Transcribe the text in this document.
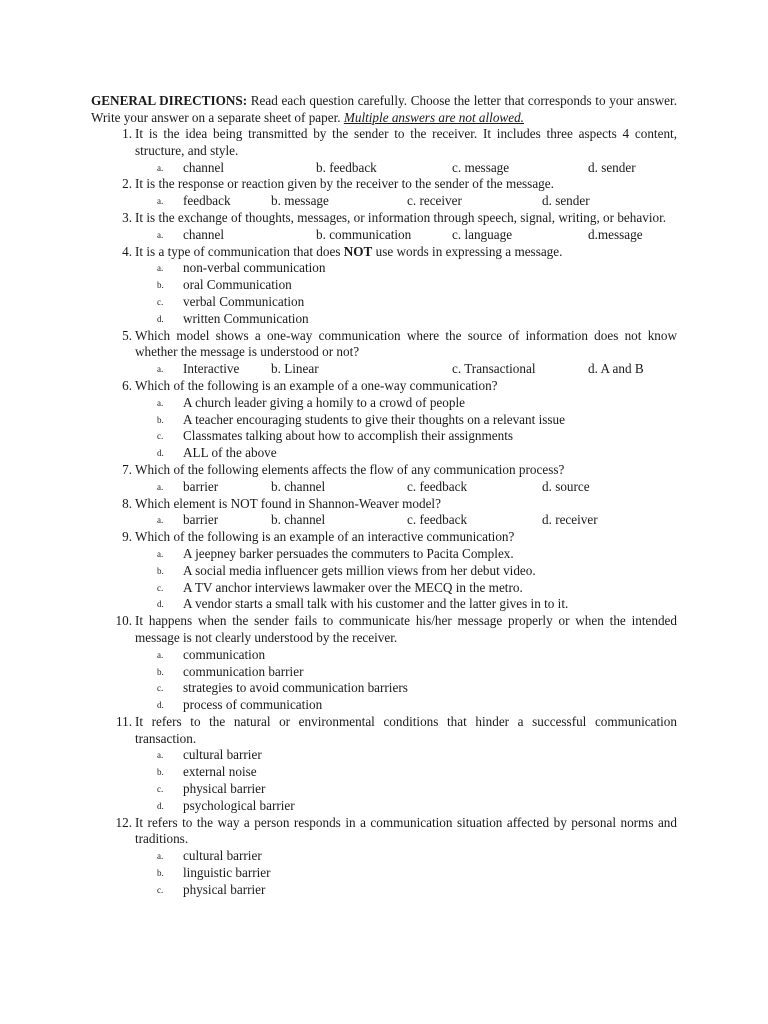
GENERAL DIRECTIONS: Read each question carefully. Choose the letter that corresponds to your answer. Write your answer on a separate sheet of paper. Multiple answers are not allowed.

1. It is the idea being transmitted by the sender to the receiver. It includes three aspects 4 content, structure, and style.
a. channel	b. feedback	c. message	d. sender
2. It is the response or reaction given by the receiver to the sender of the message.
a. feedback	b. message	c. receiver	d. sender
3. It is the exchange of thoughts, messages, or information through speech, signal, writing, or behavior.
a. channel	b. communication	c. language	d.message
4. It is a type of communication that does NOT use words in expressing a message.
a. non-verbal communication
b. oral Communication
c. verbal Communication
d. written Communication
5. Which model shows a one-way communication where the source of information does not know whether the message is understood or not?
a. Interactive b. Linear	c. Transactional	d. A and B
6. Which of the following is an example of a one-way communication?
a. A church leader giving a homily to a crowd of people
b. A teacher encouraging students to give their thoughts on a relevant issue
c. Classmates talking about how to accomplish their assignments
d. ALL of the above
7. Which of the following elements affects the flow of any communication process?
a. barrier	b. channel	c. feedback	d. source
8. Which element is NOT found in Shannon-Weaver model?
a. barrier	b. channel	c. feedback	d. receiver
9. Which of the following is an example of an interactive communication?
a. A jeepney barker persuades the commuters to Pacita Complex.
b. A social media influencer gets million views from her debut video.
c. A TV anchor interviews lawmaker over the MECQ in the metro.
d. A vendor starts a small talk with his customer and the latter gives in to it.
10. It happens when the sender fails to communicate his/her message properly or when the intended message is not clearly understood by the receiver.
a. communication
b. communication barrier
c. strategies to avoid communication barriers
d. process of communication
11. It refers to the natural or environmental conditions that hinder a successful communication transaction.
a. cultural barrier
b. external noise
c. physical barrier
d. psychological barrier
12. It refers to the way a person responds in a communication situation affected by personal norms and traditions.
a. cultural barrier
b. linguistic barrier
c. physical barrier
